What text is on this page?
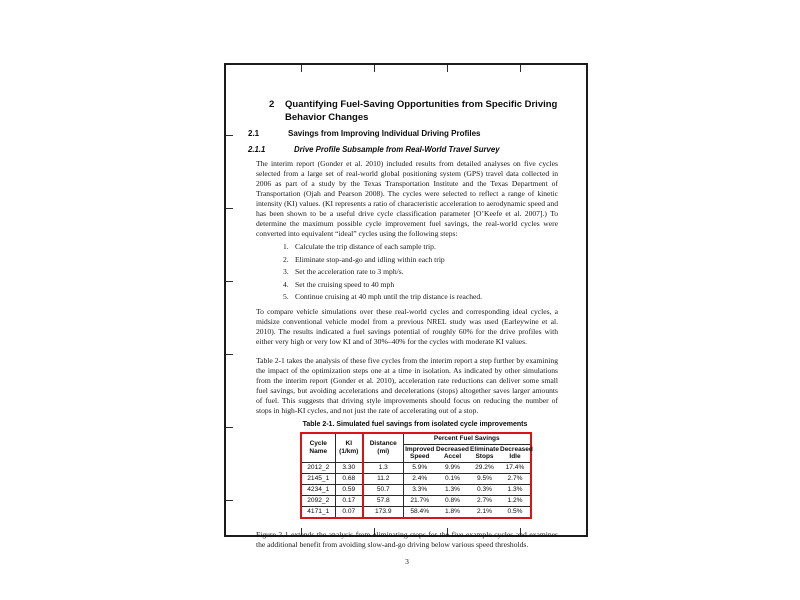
2	Quantifying Fuel-Saving Opportunities from Specific Driving
Behavior Changes
2.1	Savings from Improving Individual Driving Profiles
2.1.1	Drive Profile Subsample from Real-World Travel Survey

The interim report (Gonder et al. 2010) included results from detailed analyses on five cycles selected from a large set of real-world global positioning system (GPS) travel data collected in 2006 as part of a study by the Texas Transportation Institute and the Texas Department of Transportation (Ojah and Pearson 2008). The cycles were selected to reflect a range of kinetic intensity (KI) values. (KI represents a ratio of characteristic acceleration to aerodynamic speed and has been shown to be a useful drive cycle classification parameter [O’Keefe et al. 2007].) To determine the maximum possible cycle improvement fuel savings, the real-world cycles were converted into equivalent “ideal” cycles using the following steps:

1. Calculate the trip distance of each sample trip.
2. Eliminate stop-and-go and idling within each trip
3. Set the acceleration rate to 3 mph/s.
4. Set the cruising speed to 40 mph
5. Continue cruising at 40 mph until the trip distance is reached.

To compare vehicle simulations over these real-world cycles and corresponding ideal cycles, a midsize conventional vehicle model from a previous NREL study was used (Earleywine et al. 2010). The results indicated a fuel savings potential of roughly 60% for the drive profiles with either very high or very low KI and of 30%–40% for the cycles with moderate KI values.

Table 2-1 takes the analysis of these five cycles from the interim report a step further by examining the impact of the optimization steps one at a time in isolation. As indicated by other simulations from the interim report (Gonder et al. 2010), acceleration rate reductions can deliver some small fuel savings, but avoiding accelerations and decelerations (stops) altogether saves larger amounts of fuel. This suggests that driving style improvements should focus on reducing the number of stops in high-KI cycles, and not just the rate of accelerating out of a stop.

Table 2-1. Simulated fuel savings from isolated cycle improvements
Cycle Name	KI (1/km)	Distance (mi)	Percent Fuel Savings			
			Improved Speed	Decreased Accel	Eliminate Stops	Decreased Idle
2012_2	3.30	1.3	5.9%	9.9%	29.2%	17.4%
2145_1	0.68	11.2	2.4%	0.1%	9.5%	2.7%
4234_1	0.59	50.7	3.3%	1.3%	0.3%	1.3%
2092_2	0.17	57.8	21.7%	0.8%	2.7%	1.2%
4171_1	0.07	173.9	58.4%	1.8%	2.1%	0.5%

Figure 2-1 extends the analysis from eliminating stops for the five example cycles and examines the additional benefit from avoiding slow-and-go driving below various speed thresholds.

3
